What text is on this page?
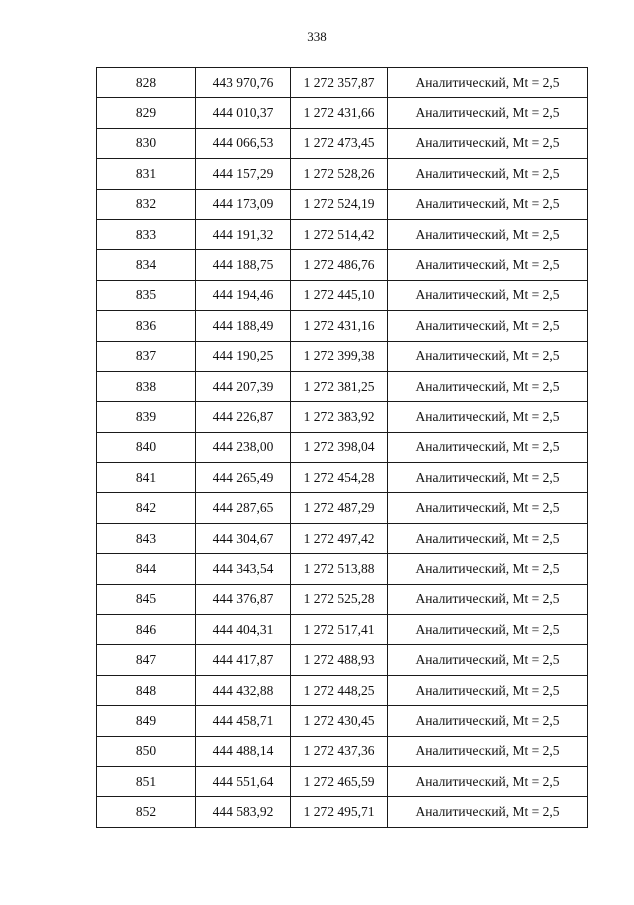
338
828	443 970,76	1 272 357,87	Аналитический, Mt = 2,5
829	444 010,37	1 272 431,66	Аналитический, Mt = 2,5
830	444 066,53	1 272 473,45	Аналитический, Mt = 2,5
831	444 157,29	1 272 528,26	Аналитический, Mt = 2,5
832	444 173,09	1 272 524,19	Аналитический, Mt = 2,5
833	444 191,32	1 272 514,42	Аналитический, Mt = 2,5
834	444 188,75	1 272 486,76	Аналитический, Mt = 2,5
835	444 194,46	1 272 445,10	Аналитический, Mt = 2,5
836	444 188,49	1 272 431,16	Аналитический, Mt = 2,5
837	444 190,25	1 272 399,38	Аналитический, Mt = 2,5
838	444 207,39	1 272 381,25	Аналитический, Mt = 2,5
839	444 226,87	1 272 383,92	Аналитический, Mt = 2,5
840	444 238,00	1 272 398,04	Аналитический, Mt = 2,5
841	444 265,49	1 272 454,28	Аналитический, Mt = 2,5
842	444 287,65	1 272 487,29	Аналитический, Mt = 2,5
843	444 304,67	1 272 497,42	Аналитический, Mt = 2,5
844	444 343,54	1 272 513,88	Аналитический, Mt = 2,5
845	444 376,87	1 272 525,28	Аналитический, Mt = 2,5
846	444 404,31	1 272 517,41	Аналитический, Mt = 2,5
847	444 417,87	1 272 488,93	Аналитический, Mt = 2,5
848	444 432,88	1 272 448,25	Аналитический, Mt = 2,5
849	444 458,71	1 272 430,45	Аналитический, Mt = 2,5
850	444 488,14	1 272 437,36	Аналитический, Mt = 2,5
851	444 551,64	1 272 465,59	Аналитический, Mt = 2,5
852	444 583,92	1 272 495,71	Аналитический, Mt = 2,5
